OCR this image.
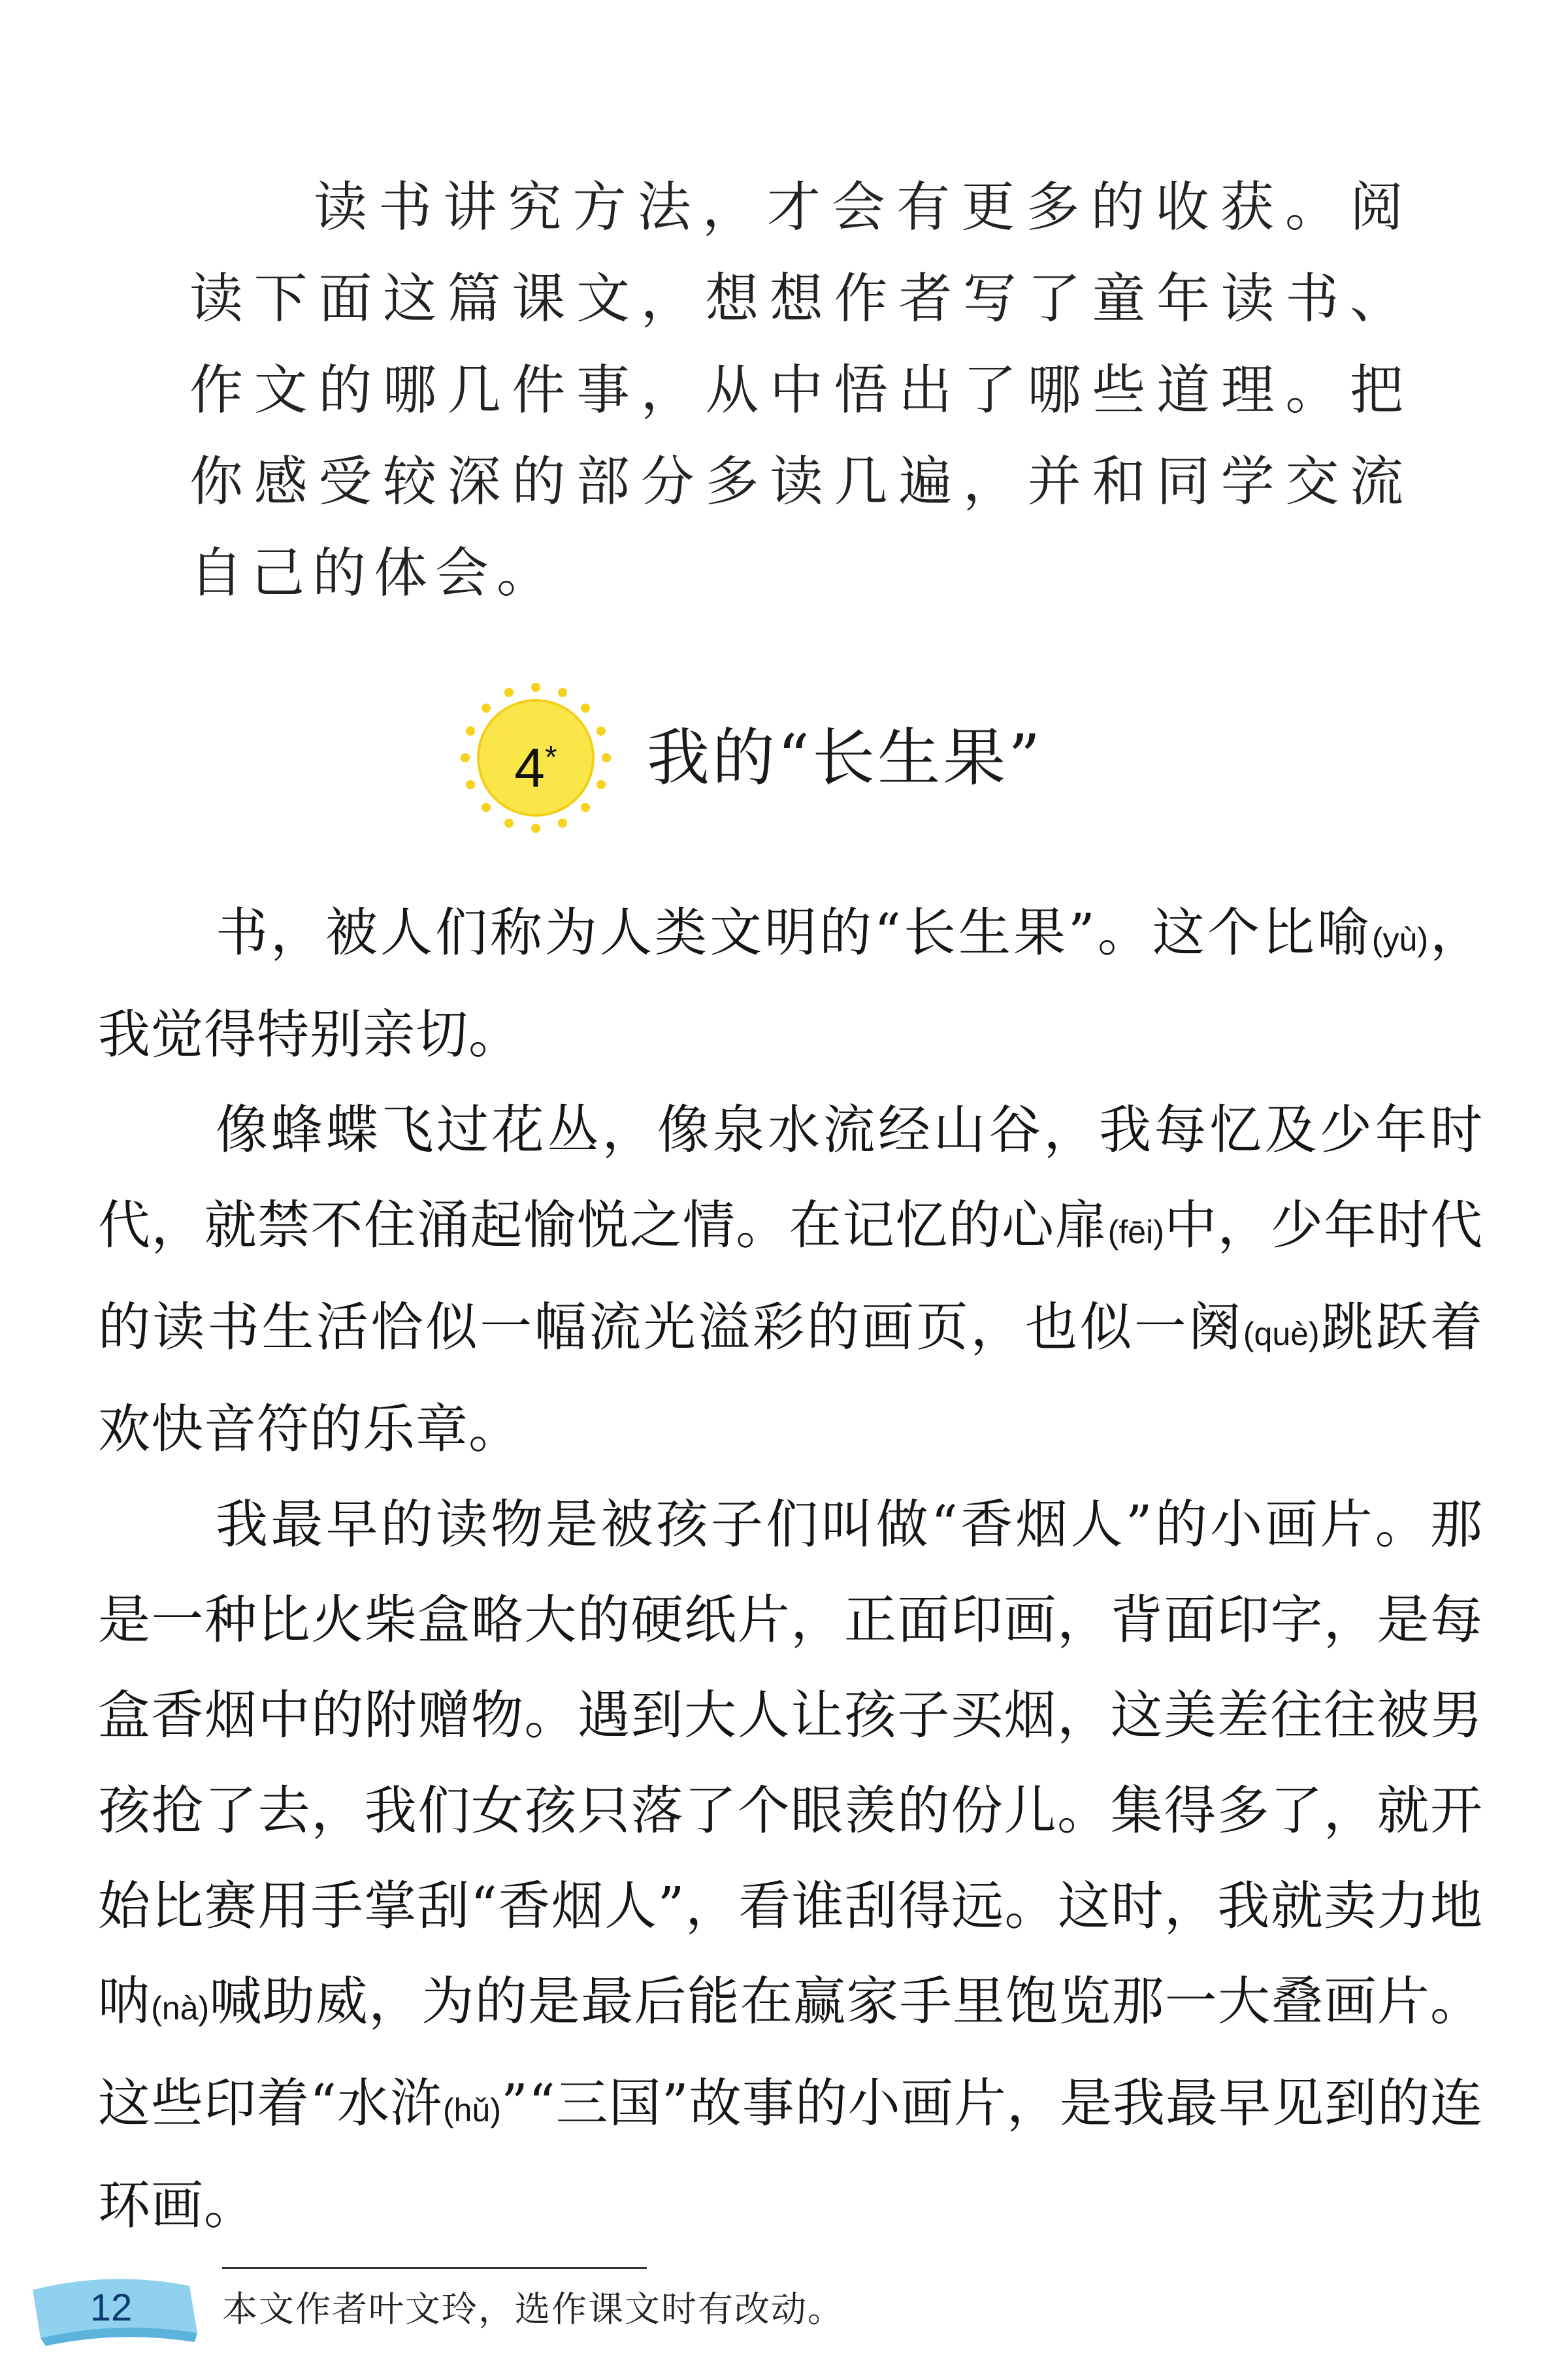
读书讲究方法，才会有更多的收获。阅读下面这篇课文，想想作者写了童年读书、作文的哪几件事，从中悟出了哪些道理。把你感受较深的部分多读几遍，并和同学交流自己的体会。

4*	我的“长生果”

书，被人们称为人类文明的“长生果”。这个比喻(yù)，我觉得特别亲切。

像蜂蝶飞过花丛，像泉水流经山谷，我每忆及少年时代，就禁不住涌起愉悦之情。在记忆的心扉(fēi)中，少年时代的读书生活恰似一幅流光溢彩的画页，也似一阕(què)跳跃着欢快音符的乐章。

我最早的读物是被孩子们叫做“香烟人”的小画片。那是一种比火柴盒略大的硬纸片，正面印画，背面印字，是每盒香烟中的附赠物。遇到大人让孩子买烟，这美差往往被男孩抢了去，我们女孩只落了个眼羡的份儿。集得多了，就开始比赛用手掌刮“香烟人”，看谁刮得远。这时，我就卖力地呐(nà)喊助威，为的是最后能在赢家手里饱览那一大叠画片。这些印着“水浒(hǔ)”“三国”故事的小画片，是我最早见到的连环画。

本文作者叶文玲，选作课文时有改动。
12
